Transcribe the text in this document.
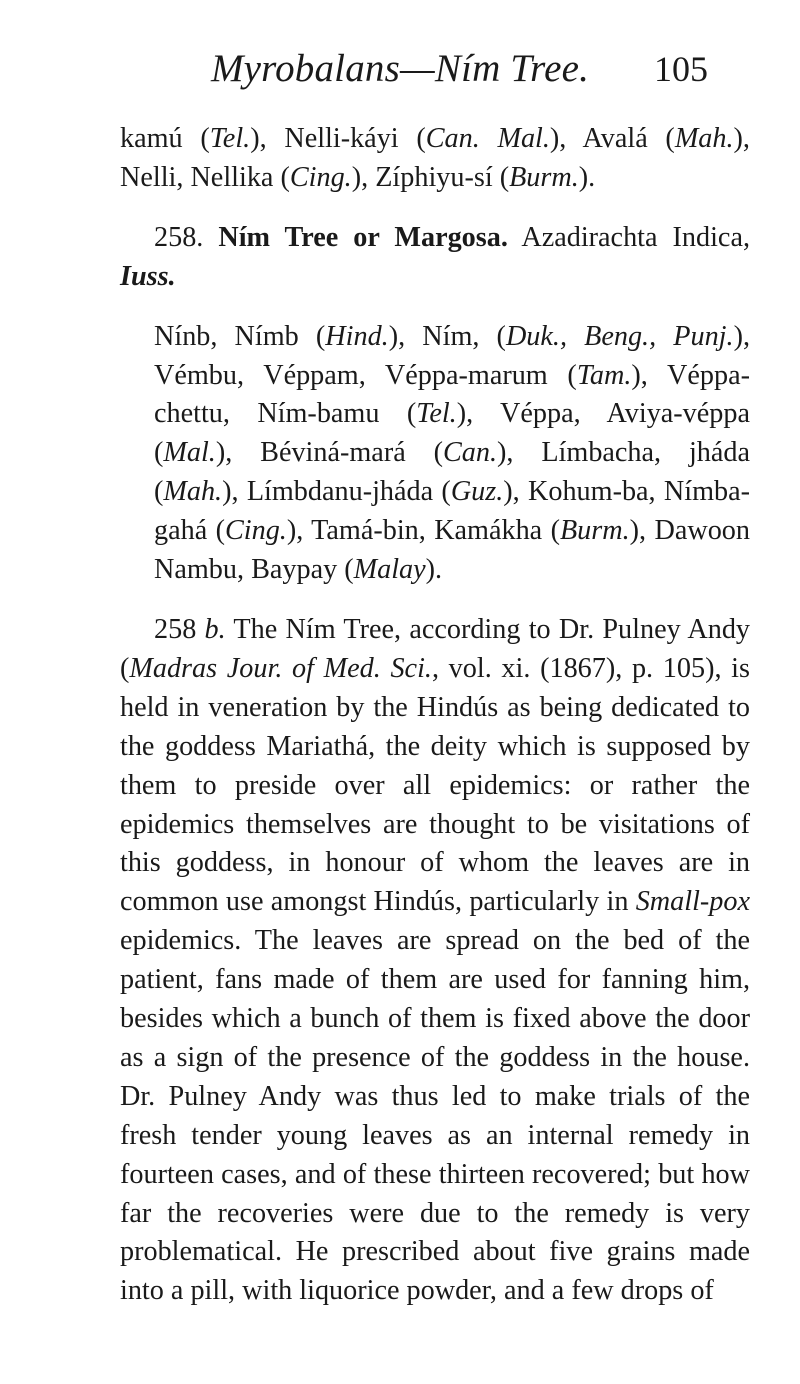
Myrobalans—Ním Tree.	105

kamú (Tel.), Nelli-káyi (Can. Mal.), Avalá (Mah.), Nelli, Nellika (Cing.), Zíphiyu-sí (Burm.).

258. Ním Tree or Margosa. Azadirachta Indica, Iuss.

Nínb, Nímb (Hind.), Ním, (Duk., Beng., Punj.), Vémbu, Véppam, Véppa-marum (Tam.), Véppa-chettu, Ním-bamu (Tel.), Véppa, Aviya-véppa (Mal.), Béviná-mará (Can.), Límbacha, jháda (Mah.), Límbdanu-jháda (Guz.), Kohum-ba, Nímba-gahá (Cing.), Tamá-bin, Kamákha (Burm.), Dawoon Nambu, Baypay (Malay).

258 b. The Ním Tree, according to Dr. Pulney Andy (Madras Jour. of Med. Sci., vol. xi. (1867), p. 105), is held in veneration by the Hindús as being dedicated to the goddess Mariathá, the deity which is supposed by them to preside over all epidemics: or rather the epidemics themselves are thought to be visitations of this goddess, in honour of whom the leaves are in common use amongst Hindús, particularly in Small-pox epidemics. The leaves are spread on the bed of the patient, fans made of them are used for fanning him, besides which a bunch of them is fixed above the door as a sign of the presence of the goddess in the house. Dr. Pulney Andy was thus led to make trials of the fresh tender young leaves as an internal remedy in fourteen cases, and of these thirteen recovered; but how far the recoveries were due to the remedy is very problematical. He prescribed about five grains made into a pill, with liquorice powder, and a few drops of
